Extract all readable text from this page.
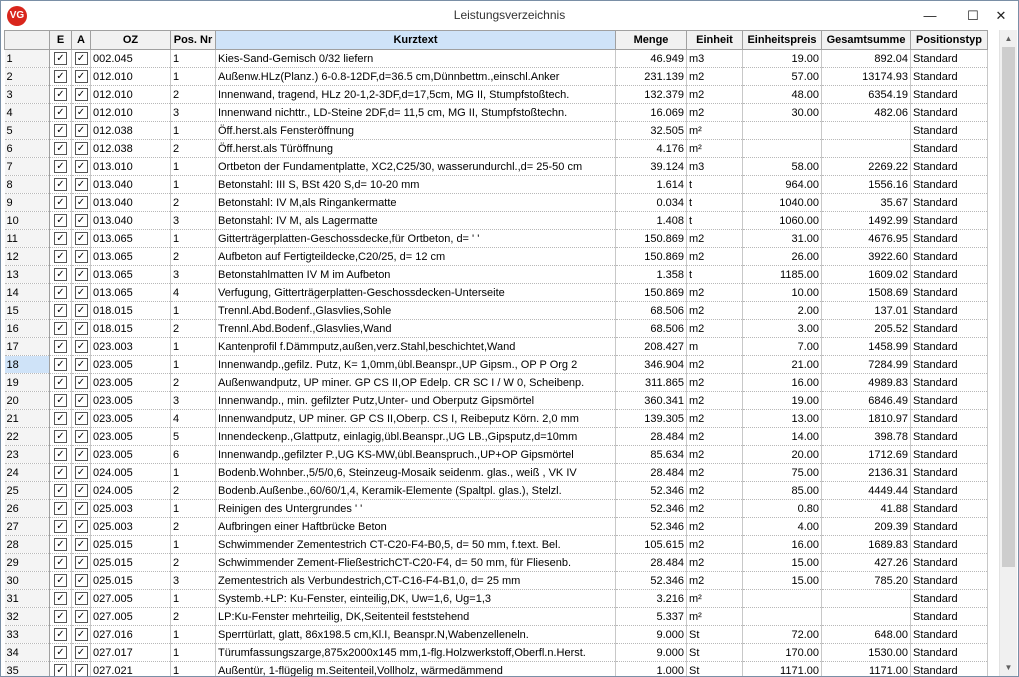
VG	Leistungsverzeichnis	—	☐	✕
	E	A	OZ	Pos. Nr	Kurztext	Menge	Einheit	Einheitspreis	Gesamtsumme	Positionstyp
1	✓	✓	002.045	1	Kies-Sand-Gemisch 0/32 liefern	46.949	m3	19.00	892.04	Standard
2	✓	✓	012.010	1	Außenw.HLz(Planz.) 6-0.8-12DF,d=36.5 cm,Dünnbettm.,einschl.Anker	231.139	m2	57.00	13174.93	Standard
3	✓	✓	012.010	2	Innenwand, tragend, HLz 20-1,2-3DF,d=17,5cm, MG II, Stumpfstoßtech.	132.379	m2	48.00	6354.19	Standard
4	✓	✓	012.010	3	Innenwand nichttr., LD-Steine 2DF,d= 11,5 cm, MG II, Stumpfstoßtechn.	16.069	m2	30.00	482.06	Standard
5	✓	✓	012.038	1	Öff.herst.als Fensteröffnung	32.505	m²			Standard
6	✓	✓	012.038	2	Öff.herst.als Türöffnung	4.176	m²			Standard
7	✓	✓	013.010	1	Ortbeton der Fundamentplatte, XC2,C25/30, wasserundurchl.,d= 25-50 cm	39.124	m3	58.00	2269.22	Standard
8	✓	✓	013.040	1	Betonstahl: III S, BSt 420 S,d= 10-20 mm	1.614	t	964.00	1556.16	Standard
9	✓	✓	013.040	2	Betonstahl: IV M,als Ringankermatte	0.034	t	1040.00	35.67	Standard
10	✓	✓	013.040	3	Betonstahl: IV M, als Lagermatte	1.408	t	1060.00	1492.99	Standard
11	✓	✓	013.065	1	Gitterträgerplatten-Geschossdecke,für Ortbeton, d= ' '	150.869	m2	31.00	4676.95	Standard
12	✓	✓	013.065	2	Aufbeton auf Fertigteildecke,C20/25, d= 12 cm	150.869	m2	26.00	3922.60	Standard
13	✓	✓	013.065	3	Betonstahlmatten IV M im Aufbeton	1.358	t	1185.00	1609.02	Standard
14	✓	✓	013.065	4	Verfugung, Gitterträgerplatten-Geschossdecken-Unterseite	150.869	m2	10.00	1508.69	Standard
15	✓	✓	018.015	1	Trennl.Abd.Bodenf.,Glasvlies,Sohle	68.506	m2	2.00	137.01	Standard
16	✓	✓	018.015	2	Trennl.Abd.Bodenf.,Glasvlies,Wand	68.506	m2	3.00	205.52	Standard
17	✓	✓	023.003	1	Kantenprofil f.Dämmputz,außen,verz.Stahl,beschichtet,Wand	208.427	m	7.00	1458.99	Standard
18	✓	✓	023.005	1	Innenwandp.,gefilz. Putz, K= 1,0mm,übl.Beanspr.,UP Gipsm., OP P Org 2	346.904	m2	21.00	7284.99	Standard
19	✓	✓	023.005	2	Außenwandputz, UP miner. GP CS II,OP Edelp. CR SC I / W 0, Scheibenp.	311.865	m2	16.00	4989.83	Standard
20	✓	✓	023.005	3	Innenwandp., min. gefilzter Putz,Unter- und Oberputz Gipsmörtel	360.341	m2	19.00	6846.49	Standard
21	✓	✓	023.005	4	Innenwandputz, UP miner. GP CS II,Oberp. CS I, Reibeputz Körn. 2,0 mm	139.305	m2	13.00	1810.97	Standard
22	✓	✓	023.005	5	Innendeckenp.,Glattputz, einlagig,übl.Beanspr.,UG LB.,Gipsputz,d=10mm	28.484	m2	14.00	398.78	Standard
23	✓	✓	023.005	6	Innenwandp.,gefilzter P.,UG KS-MW,übl.Beanspruch.,UP+OP Gipsmörtel	85.634	m2	20.00	1712.69	Standard
24	✓	✓	024.005	1	Bodenb.Wohnber.,5/5/0,6, Steinzeug-Mosaik seidenm. glas., weiß , VK IV	28.484	m2	75.00	2136.31	Standard
25	✓	✓	024.005	2	Bodenb.Außenbe.,60/60/1,4, Keramik-Elemente (Spaltpl. glas.), Stelzl.	52.346	m2	85.00	4449.44	Standard
26	✓	✓	025.003	1	Reinigen des Untergrundes ' '	52.346	m2	0.80	41.88	Standard
27	✓	✓	025.003	2	Aufbringen einer Haftbrücke Beton	52.346	m2	4.00	209.39	Standard
28	✓	✓	025.015	1	Schwimmender Zementestrich CT-C20-F4-B0,5, d= 50 mm, f.text. Bel.	105.615	m2	16.00	1689.83	Standard
29	✓	✓	025.015	2	Schwimmender Zement-FließestrichCT-C20-F4, d= 50 mm, für Fliesenb.	28.484	m2	15.00	427.26	Standard
30	✓	✓	025.015	3	Zementestrich als Verbundestrich,CT-C16-F4-B1,0, d= 25 mm	52.346	m2	15.00	785.20	Standard
31	✓	✓	027.005	1	Systemb.+LP: Ku-Fenster, einteilig,DK, Uw=1,6, Ug=1,3	3.216	m²			Standard
32	✓	✓	027.005	2	LP:Ku-Fenster mehrteilig, DK,Seitenteil feststehend	5.337	m²			Standard
33	✓	✓	027.016	1	Sperrtürlatt, glatt, 86x198.5 cm,Kl.I, Beanspr.N,Wabenzelleneln.	9.000	St	72.00	648.00	Standard
34	✓	✓	027.017	1	Türumfassungszarge,875x2000x145 mm,1-flg.Holzwerkstoff,Oberfl.n.Herst.	9.000	St	170.00	1530.00	Standard
35	✓	✓	027.021	1	Außentür, 1-flügelig m.Seitenteil,Vollholz, wärmedämmend	1.000	St	1171.00	1171.00	Standard
▲
▼
